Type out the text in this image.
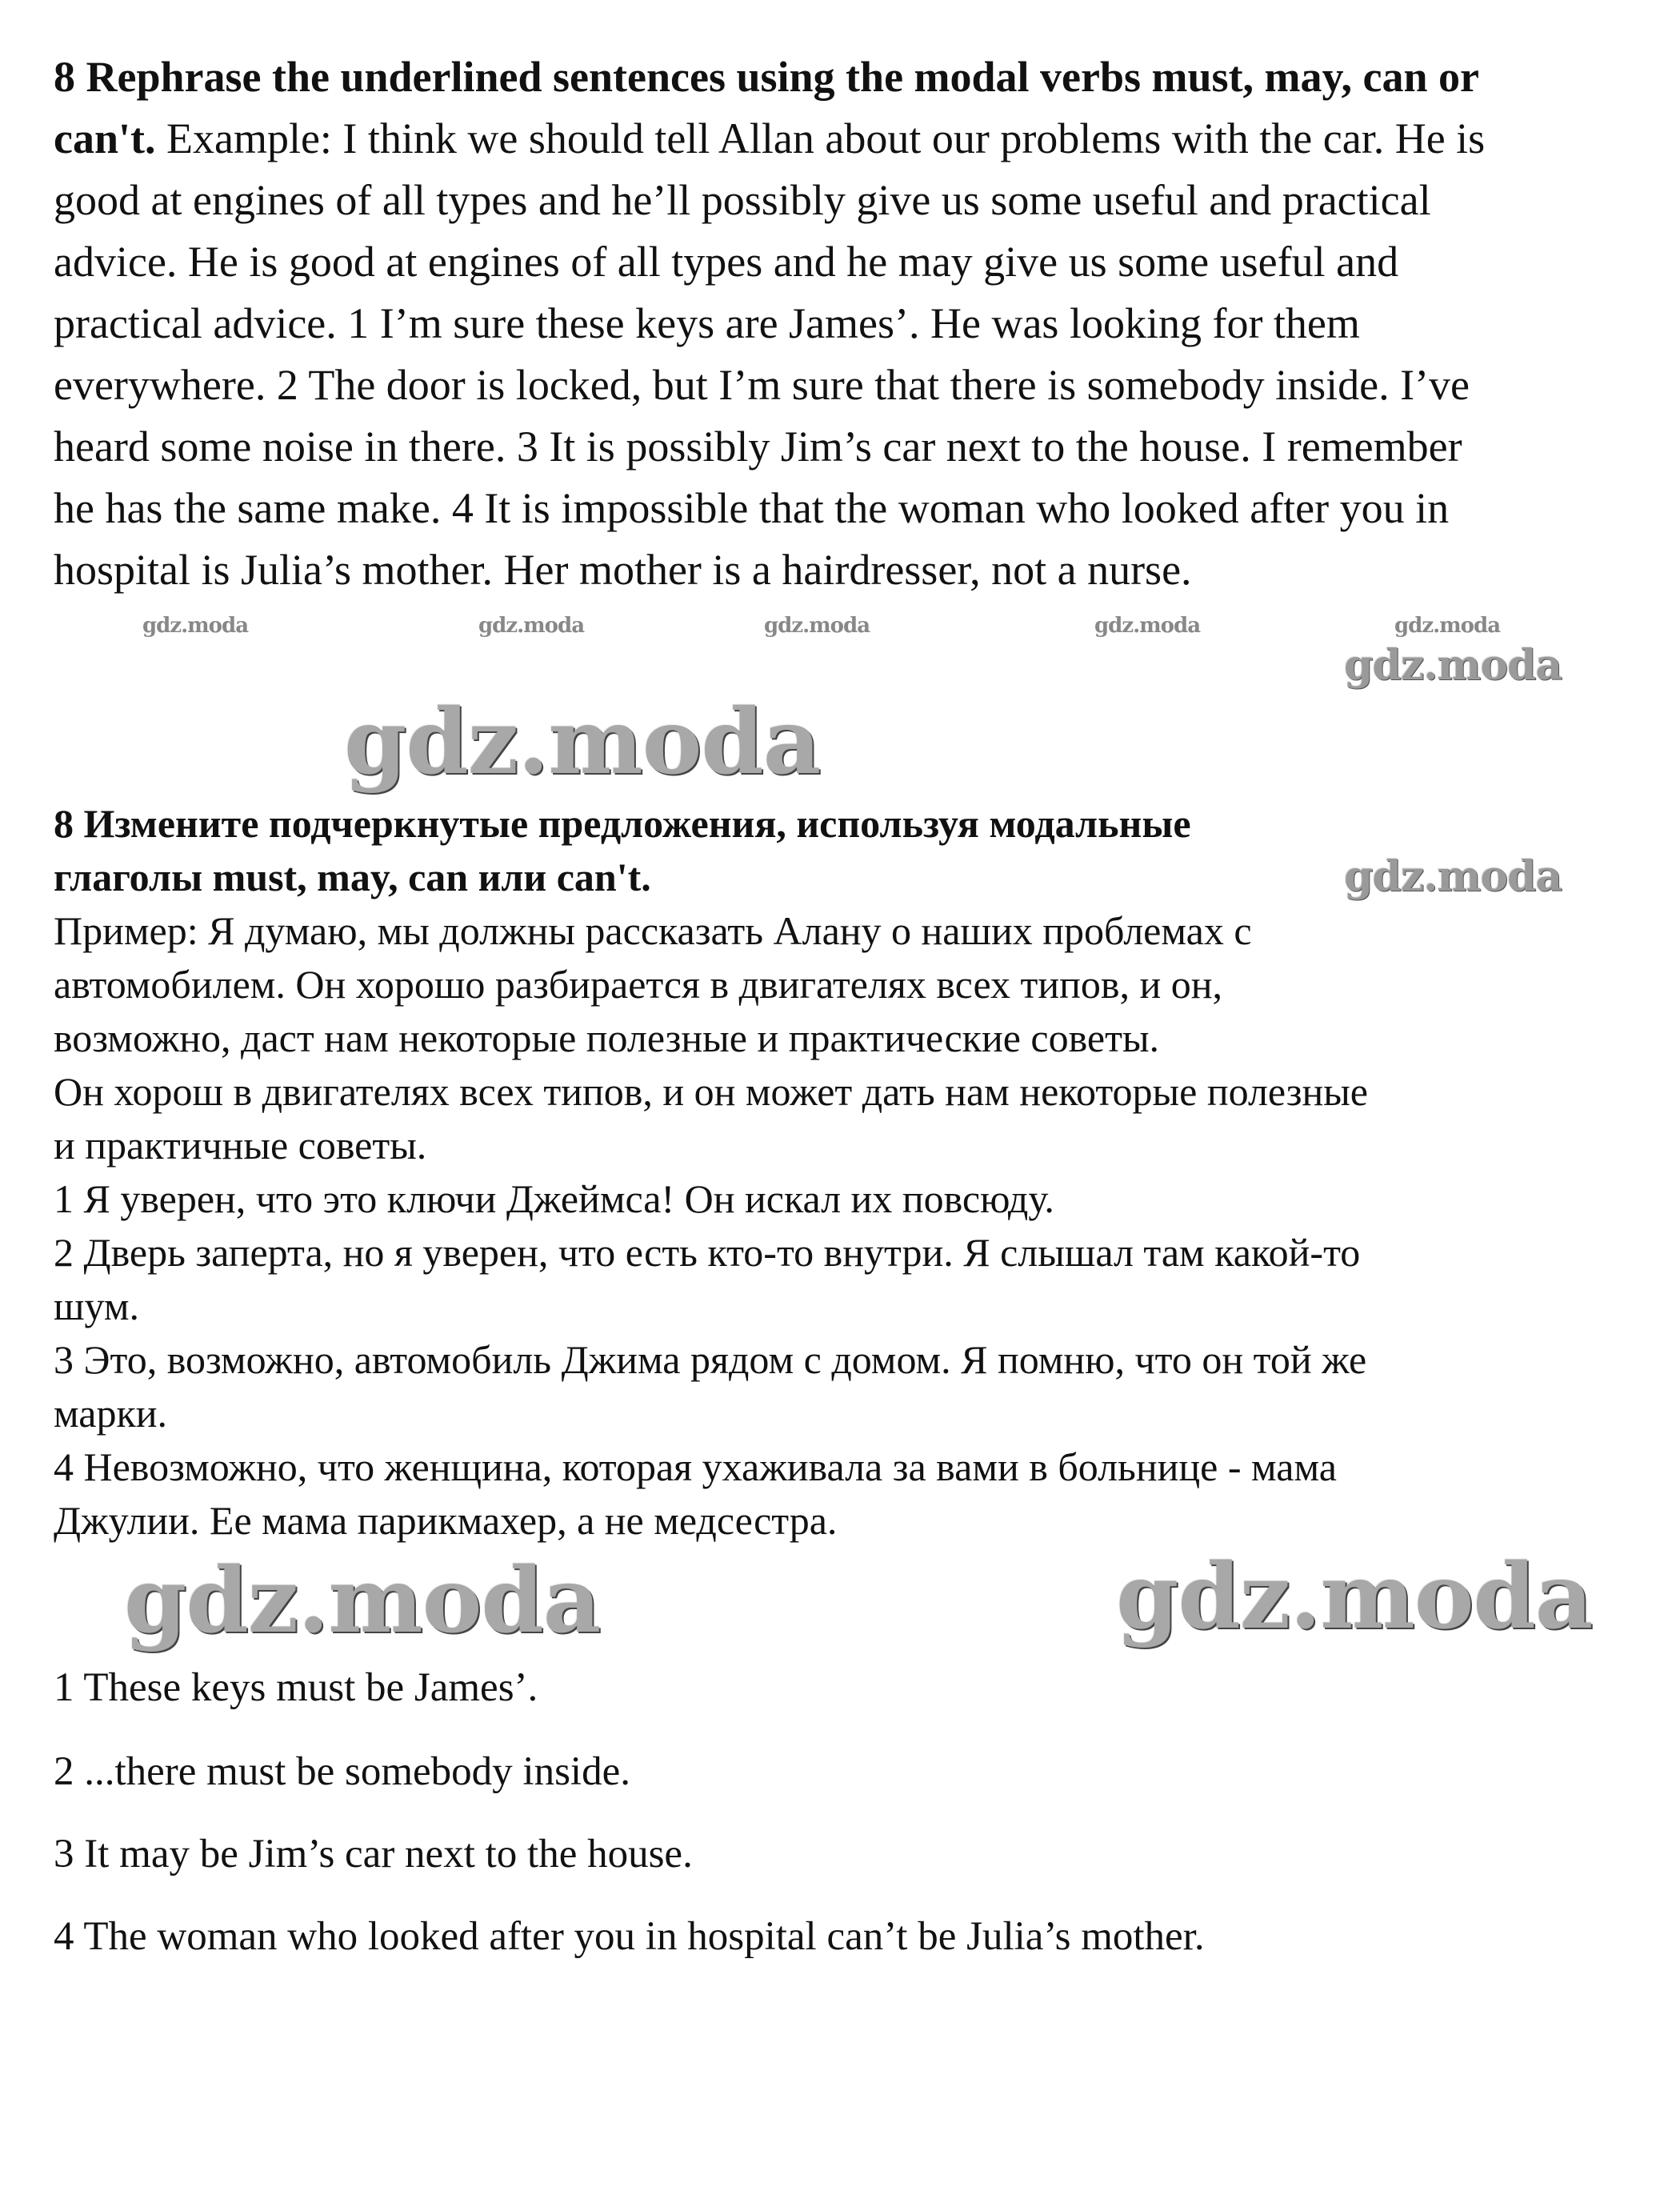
8 Rephrase the underlined sentences using the modal verbs must, may, can or
can't. Example: I think we should tell Allan about our problems with the car. He is
good at engines of all types and he’ll possibly give us some useful and practical
advice. He is good at engines of all types and he may give us some useful and
practical advice. 1 I’m sure these keys are James’. He was looking for them
everywhere. 2 The door is locked, but I’m sure that there is somebody inside. I’ve
heard some noise in there. 3 It is possibly Jim’s car next to the house. I remember
he has the same make. 4 It is impossible that the woman who looked after you in
hospital is Julia’s mother. Her mother is a hairdresser, not a nurse.
8 Измените подчеркнутые предложения, используя модальные
глаголы must, may, can или can't.
Пример: Я думаю, мы должны рассказать Алану о наших проблемах с
автомобилем. Он хорошо разбирается в двигателях всех типов, и он,
возможно, даст нам некоторые полезные и практические советы.
Он хорош в двигателях всех типов, и он может дать нам некоторые полезные
и практичные советы.
1 Я уверен, что это ключи Джеймса! Он искал их повсюду.
2 Дверь заперта, но я уверен, что есть кто-то внутри. Я слышал там какой-то
шум.
3 Это, возможно, автомобиль Джима рядом с домом. Я помню, что он той же
марки.
4 Невозможно, что женщина, которая ухаживала за вами в больнице - мама
Джулии. Ее мама парикмахер, а не медсестра.
1 These keys must be James’.
2 ...there must be somebody inside.
3 It may be Jim’s car next to the house.
4 The woman who looked after you in hospital can’t be Julia’s mother.
gdz.moda	gdz.moda	gdz.moda	gdz.moda	gdz.moda
gdz.moda
gdz.moda
gdz.moda
gdz.moda
gdz.moda
